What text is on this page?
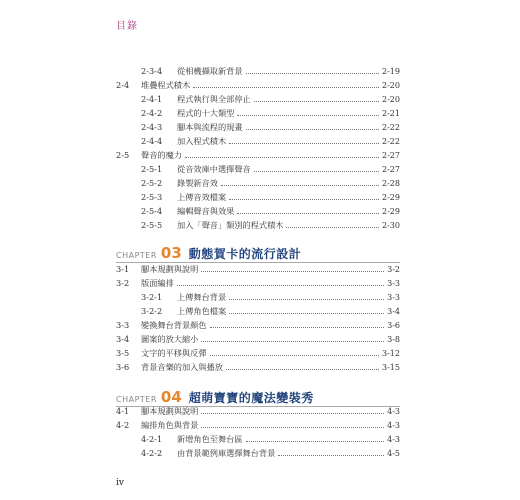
目錄
2-3-4	從相機擷取新背景	2-19
2-4	堆疊程式積木	2-20
2-4-1	程式執行與全部停止	2-20
2-4-2	程式的十大類型	2-21
2-4-3	腳本與流程的規畫	2-22
2-4-4	加入程式積木	2-22
2-5	聲音的魔力	2-27
2-5-1	從音效庫中選擇聲音	2-27
2-5-2	錄製新音效	2-28
2-5-3	上傳音效檔案	2-29
2-5-4	編輯聲音與效果	2-29
2-5-5	加入「聲音」類別的程式積木	2-30
CHAPTER 03 動態賀卡的流行設計
3-1	腳本規劃與說明	3-2
3-2	版面編排	3-3
3-2-1	上傳舞台背景	3-3
3-2-2	上傳角色檔案	3-4
3-3	變換舞台背景顏色	3-6
3-4	圖案的放大縮小	3-8
3-5	文字的平移與反彈	3-12
3-6	背景音樂的加入與播放	3-15
CHAPTER 04 超萌寶寶的魔法變裝秀
4-1	腳本規劃與說明	4-3
4-2	編排角色與背景	4-3
4-2-1	新增角色至舞台區	4-3
4-2-2	由背景範例庫選擇舞台背景	4-5
iv
